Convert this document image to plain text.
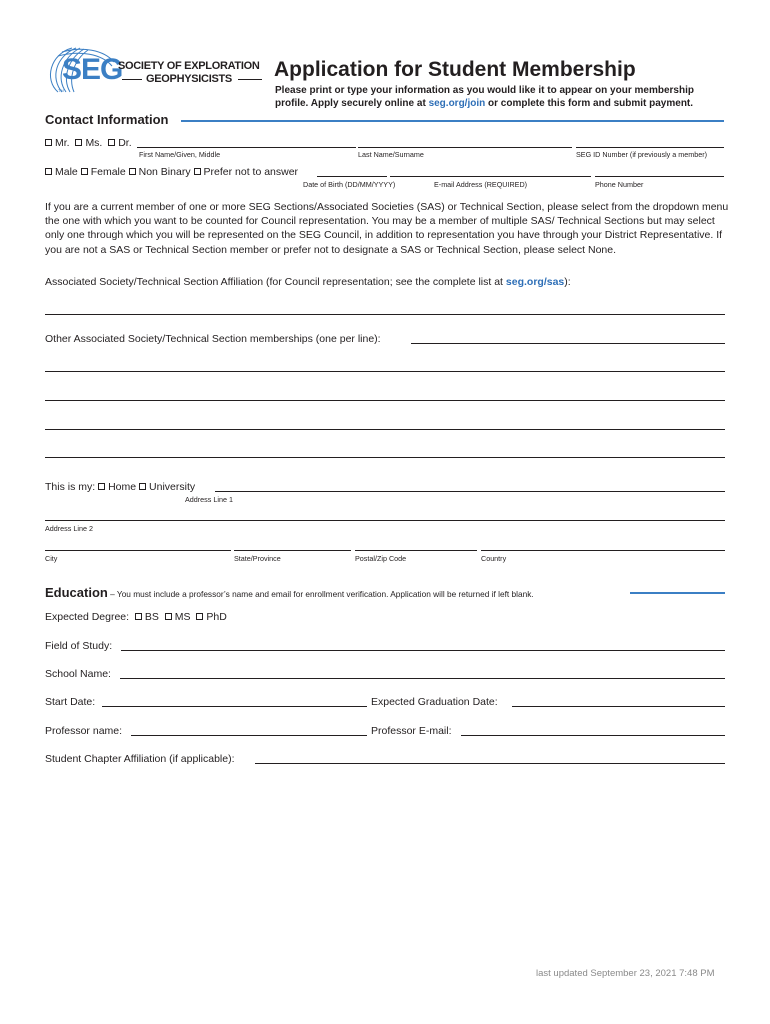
SEG
TM
SOCIETY OF EXPLORATION
GEOPHYSICISTS Application for Student Membership
Please print or type your information as you would like it to appear on your membership
profile. Apply securely online at seg.org/join or complete this form and submit payment.
Contact Information
Mr. Ms. Dr.
First Name/Given, Middle	Last Name/Surname	SEG ID Number (if previously a member)
Male Female Non Binary Prefer not to answer
Date of Birth (DD/MM/YYYY)	E-mail Address (REQUIRED)	Phone Number
If you are a current member of one or more SEG Sections/Associated Societies (SAS) or Technical Section, please select from the dropdown menu the one with which you want to be counted for Council representation. You may be a member of multiple SAS/ Technical Sections but may select only one through which you will be represented on the SEG Council, in addition to representation you have through your District Representative. If you are not a SAS or Technical Section member or prefer not to designate a SAS or Technical Section, please select None.
Associated Society/Technical Section Affiliation (for Council representation; see the complete list at seg.org/sas):
Other Associated Society/Technical Section memberships (one per line):
This is my: Home University
Address Line 1
Address Line 2
City	State/Province	Postal/Zip Code	Country
Education – You must include a professor’s name and email for enrollment verification. Application will be returned if left blank.
Expected Degree: BS MS PhD
Field of Study:
School Name:
Start Date:	Expected Graduation Date:
Professor name:	Professor E-mail:
Student Chapter Affiliation (if applicable):
last updated September 23, 2021 7:48 PM
